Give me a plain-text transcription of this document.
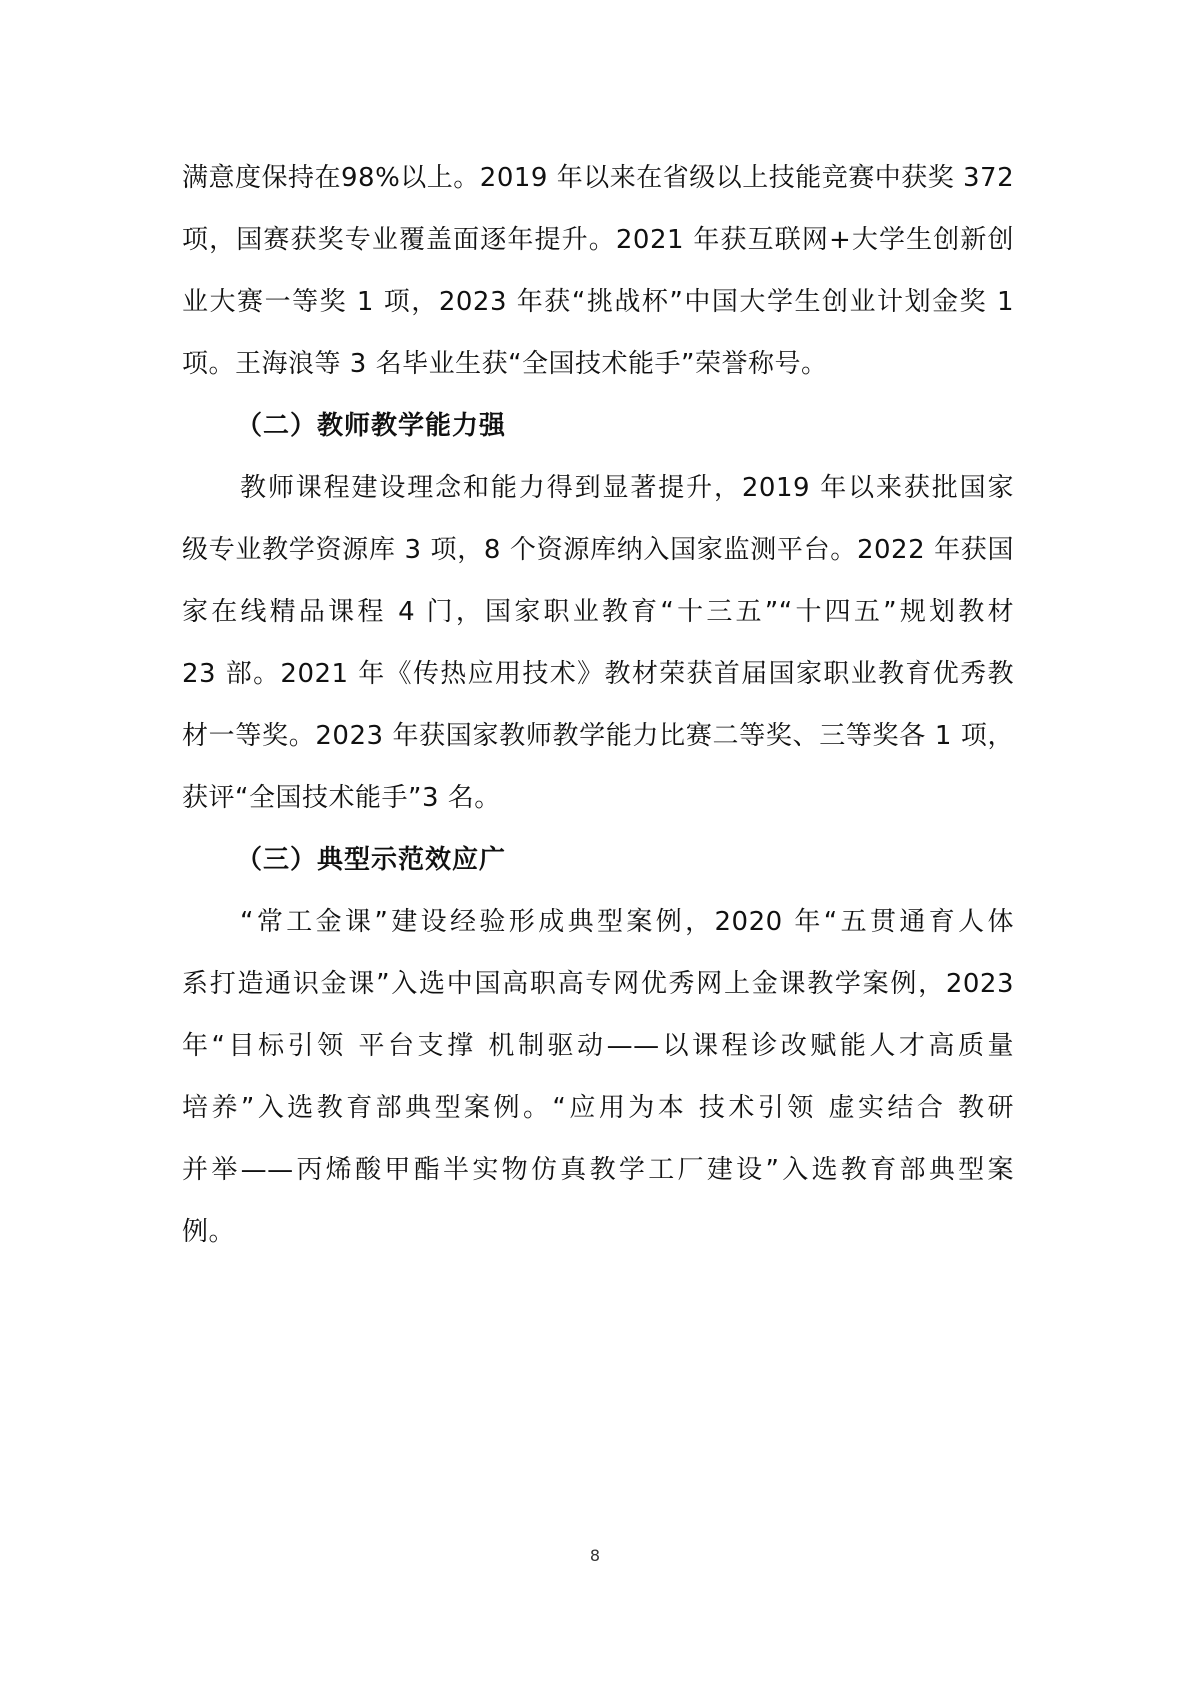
满意度保持在98%以上。2019 年以来在省级以上技能竞赛中获奖 372
项，国赛获奖专业覆盖面逐年提升。2021 年获互联网+大学生创新创
业大赛一等奖 1 项，2023 年获“挑战杯”中国大学生创业计划金奖 1
项。王海浪等 3 名毕业生获“全国技术能手”荣誉称号。
（二）教师教学能力强
教师课程建设理念和能力得到显著提升，2019 年以来获批国家
级专业教学资源库 3 项，8 个资源库纳入国家监测平台。2022 年获国
家在线精品课程 4 门，国家职业教育“十三五”“十四五”规划教材
23 部。2021 年《传热应用技术》教材荣获首届国家职业教育优秀教
材一等奖。2023 年获国家教师教学能力比赛二等奖、三等奖各 1 项，
获评“全国技术能手”3 名。
（三）典型示范效应广
“常工金课”建设经验形成典型案例，2020 年“五贯通育人体
系打造通识金课”入选中国高职高专网优秀网上金课教学案例，2023
年“目标引领 平台支撑 机制驱动——以课程诊改赋能人才高质量
培养”入选教育部典型案例。“应用为本 技术引领 虚实结合 教研
并举——丙烯酸甲酯半实物仿真教学工厂建设”入选教育部典型案
例。
8
